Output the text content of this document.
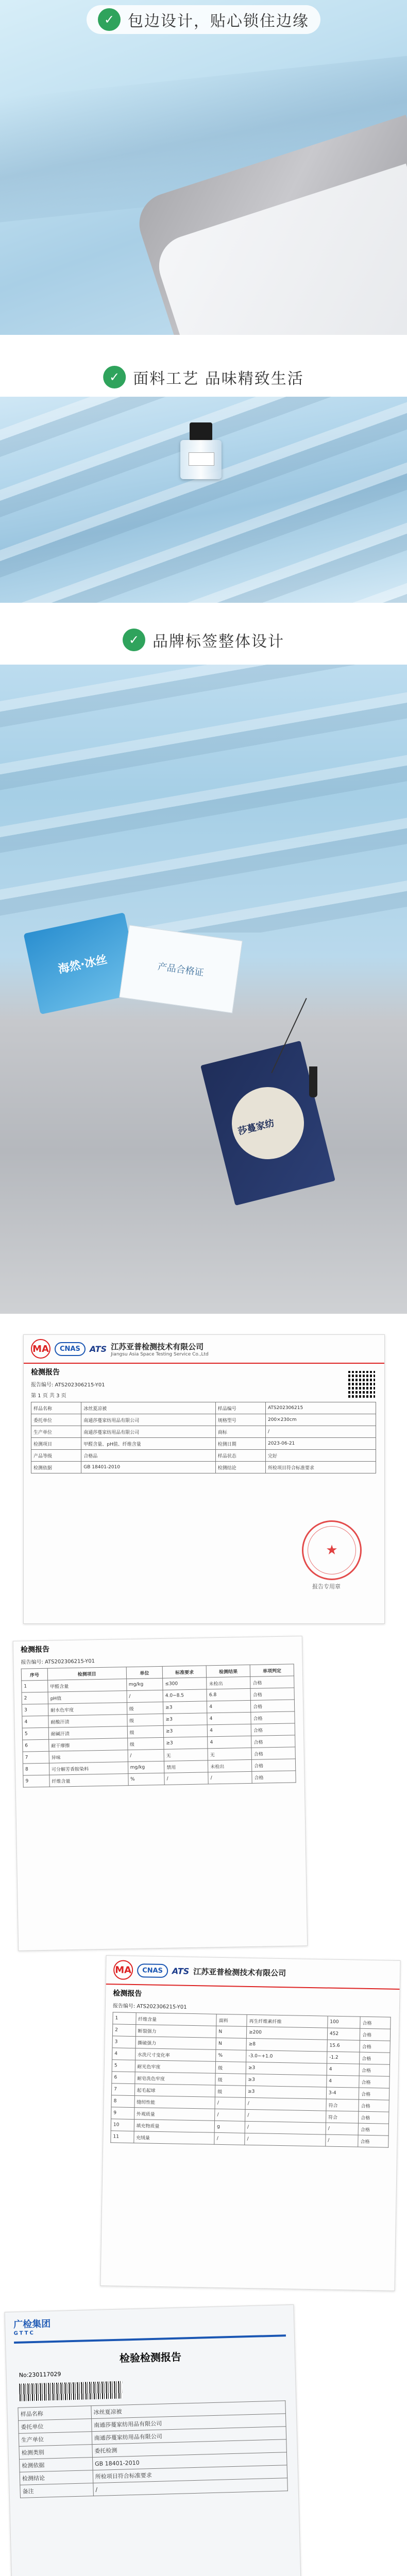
✓ 包边设计，贴心锁住边缘
✓ 面料工艺 品味精致生活
✓ 品牌标签整体设计
海然·冰丝	产品合格证
莎蔓家纺
MA	CNAS	ATS 江苏亚普检测技术有限公司
Jiangsu Asia Space Testing Service Co.,Ltd
检测报告
报告编号: ATS202306215-Y01
第 1 页 共 3 页
样品名称	冰丝夏凉被	样品编号	ATS202306215
委托单位	南通莎蔓家纺用品有限公司	规格型号	200×230cm
生产单位	南通莎蔓家纺用品有限公司	商标	/
检测项目	甲醛含量、pH值、纤维含量	检测日期	2023-06-21
产品等级	合格品	样品状态	完好
检测依据	GB 18401-2010	检测结论	所检项目符合标准要求
★
报告专用章
检测报告
报告编号: ATS202306215-Y01
序号	检测项目	单位	标准要求	检测结果	单项判定
1	甲醛含量	mg/kg	≤300	未检出	合格
2	pH值	/	4.0~8.5	6.8	合格
3	耐水色牢度	级	≥3	4	合格
4	耐酸汗渍	级	≥3	4	合格
5	耐碱汗渍	级	≥3	4	合格
6	耐干摩擦	级	≥3	4	合格
7	异味	/	无	无	合格
8	可分解芳香胺染料	mg/kg	禁用	未检出	合格
9	纤维含量	%	/	/	合格
MA	CNAS	ATS 江苏亚普检测技术有限公司
检测报告
报告编号: ATS202306215-Y01
1	纤维含量	面料	再生纤维素纤维	100	合格
2	断裂强力	N	≥200	452	合格
3	撕破强力	N	≥8	15.6	合格
4	水洗尺寸变化率	%	-3.0~+1.0	-1.2	合格
5	耐光色牢度	级	≥3	4	合格
6	耐皂洗色牢度	级	≥3	4	合格
7	起毛起球	级	≥3	3-4	合格
8	缝纫性能	/	/	符合	合格
9	外观质量	/	/	符合	合格
10	填充物质量	g	/	/	合格
11	充绒量	/	/	/	合格
广检集团
GTTC
检验检测报告
No:230117029
样品名称	冰丝夏凉被
委托单位	南通莎蔓家纺用品有限公司
生产单位	南通莎蔓家纺用品有限公司
检测类别	委托检测
检测依据	GB 18401-2010
检测结论	所检项目符合标准要求
备注	/
